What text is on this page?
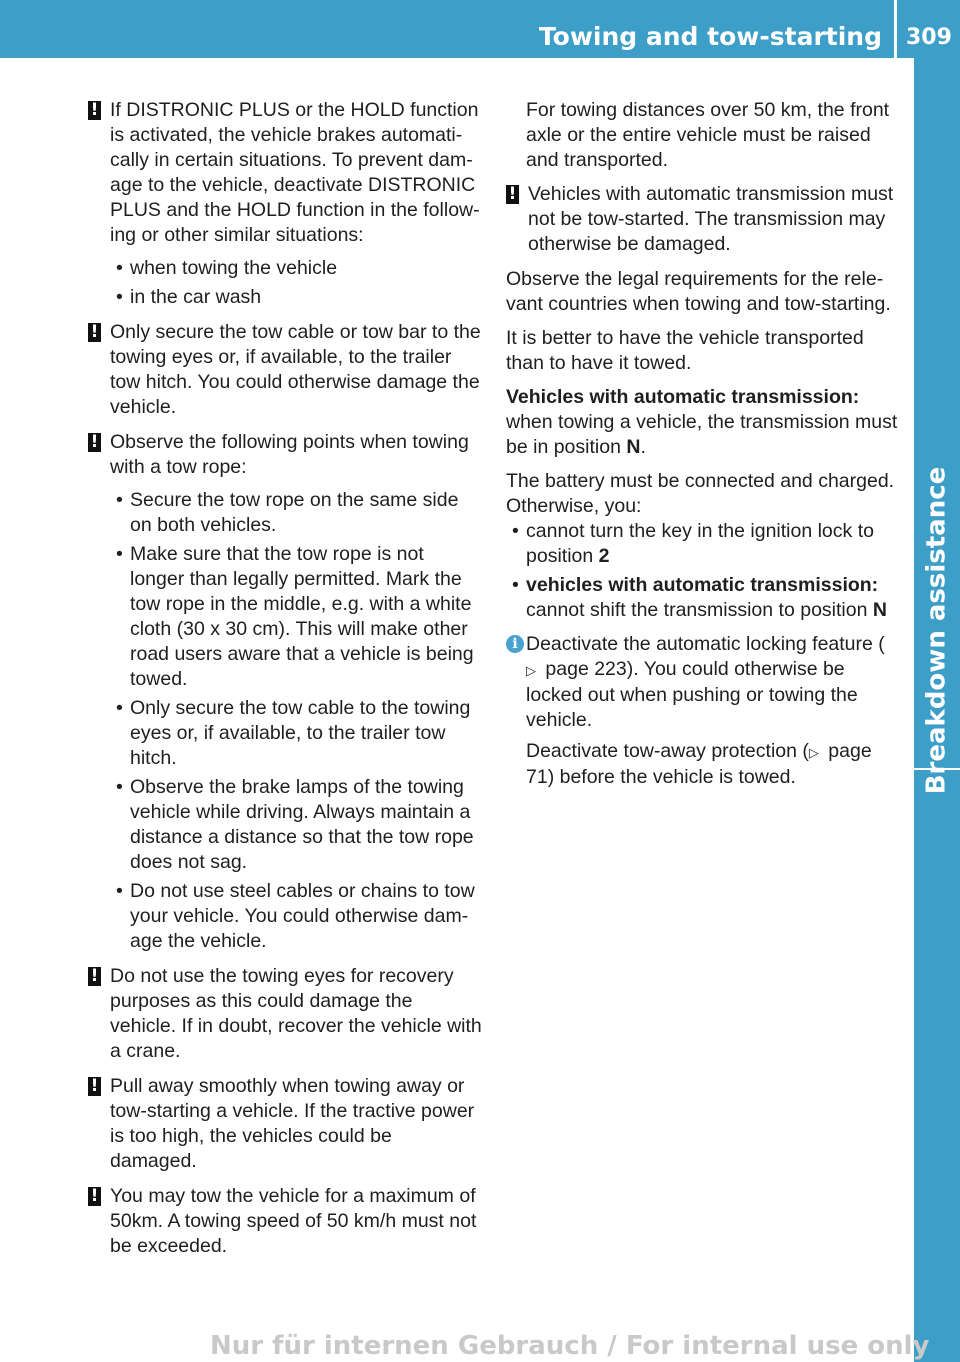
Towing and tow-starting 309
Breakdown assistance
! If DISTRONIC PLUS or the HOLD function is activated, the vehicle brakes automati-cally in certain situations. To prevent dam-age to the vehicle, deactivate DISTRONIC PLUS and the HOLD function in the follow-ing or other similar situations:
• when towing the vehicle
• in the car wash
! Only secure the tow cable or tow bar to the towing eyes or, if available, to the trailer tow hitch. You could otherwise damage the vehicle.
! Observe the following points when towing with a tow rope:
• Secure the tow rope on the same side on both vehicles.
• Make sure that the tow rope is not longer than legally permitted. Mark the tow rope in the middle, e.g. with a white cloth (30 x 30 cm). This will make other road users aware that a vehicle is being towed.
• Only secure the tow cable to the towing eyes or, if available, to the trailer tow hitch.
• Observe the brake lamps of the towing vehicle while driving. Always maintain a distance a distance so that the tow rope does not sag.
• Do not use steel cables or chains to tow your vehicle. You could otherwise dam-age the vehicle.
! Do not use the towing eyes for recovery purposes as this could damage the vehicle. If in doubt, recover the vehicle with a crane.
! Pull away smoothly when towing away or tow-starting a vehicle. If the tractive power is too high, the vehicles could be damaged.
! You may tow the vehicle for a maximum of 50km. A towing speed of 50 km/h must not be exceeded.

For towing distances over 50 km, the front axle or the entire vehicle must be raised and transported.

! Vehicles with automatic transmission must not be tow-started. The transmission may otherwise be damaged.

Observe the legal requirements for the rele-vant countries when towing and tow-starting.

It is better to have the vehicle transported than to have it towed.

Vehicles with automatic transmission:

when towing a vehicle, the transmission must be in position N.

The battery must be connected and charged. Otherwise, you:

• cannot turn the key in the ignition lock to position 2
• vehicles with automatic transmission:
cannot shift the transmission to position N
i Deactivate the automatic locking feature (▷ page 223). You could otherwise be locked out when pushing or towing the vehicle.

Deactivate tow-away protection (▷ page 71) before the vehicle is towed.

Nur für internen Gebrauch / For internal use only
